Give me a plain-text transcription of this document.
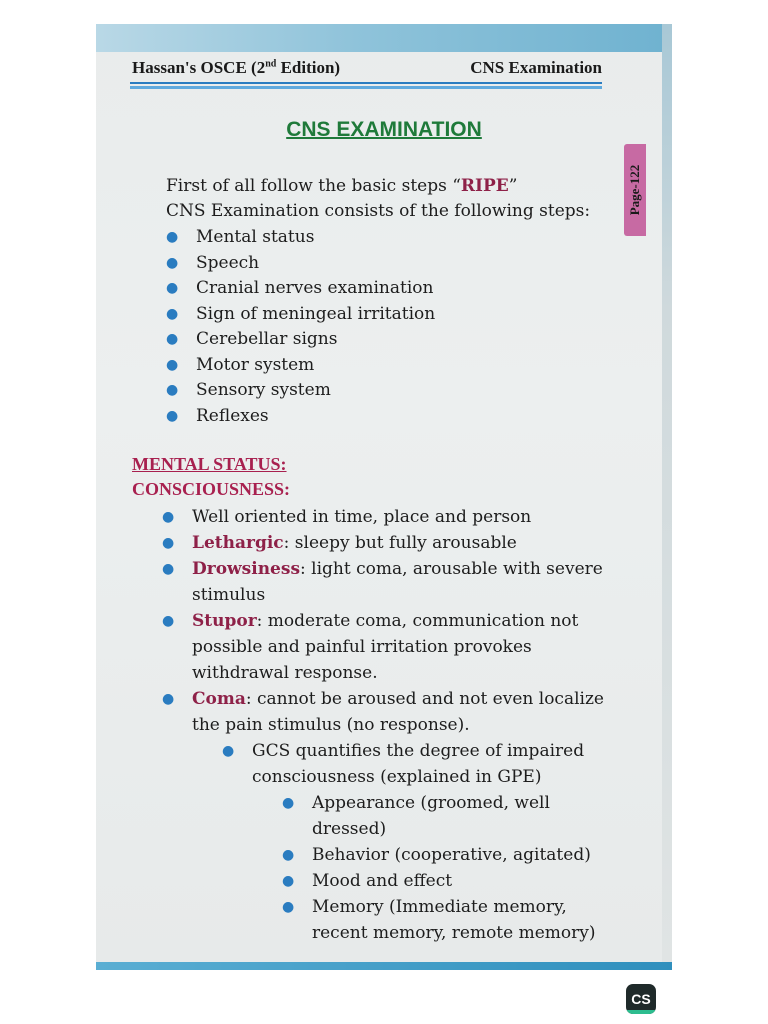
Hassan's OSCE (2nd Edition)	CNS Examination
Page-122
CNS EXAMINATION

First of all follow the basic steps “RIPE”

CNS Examination consists of the following steps:

● Mental status
● Speech
● Cranial nerves examination
● Sign of meningeal irritation
● Cerebellar signs
● Motor system
● Sensory system
● Reflexes
MENTAL STATUS:
CONSCIOUSNESS:
● Well oriented in time, place and person
● Lethargic: sleepy but fully arousable
● Drowsiness: light coma, arousable with severe stimulus
● Stupor: moderate coma, communication not possible and painful irritation provokes withdrawal response.
● Coma: cannot be aroused and not even localize the pain stimulus (no response).
● GCS quantifies the degree of impaired consciousness (explained in GPE)
● Appearance (groomed, well dressed)
● Behavior (cooperative, agitated)
● Mood and effect
● Memory (Immediate memory, recent memory, remote memory)
CS
